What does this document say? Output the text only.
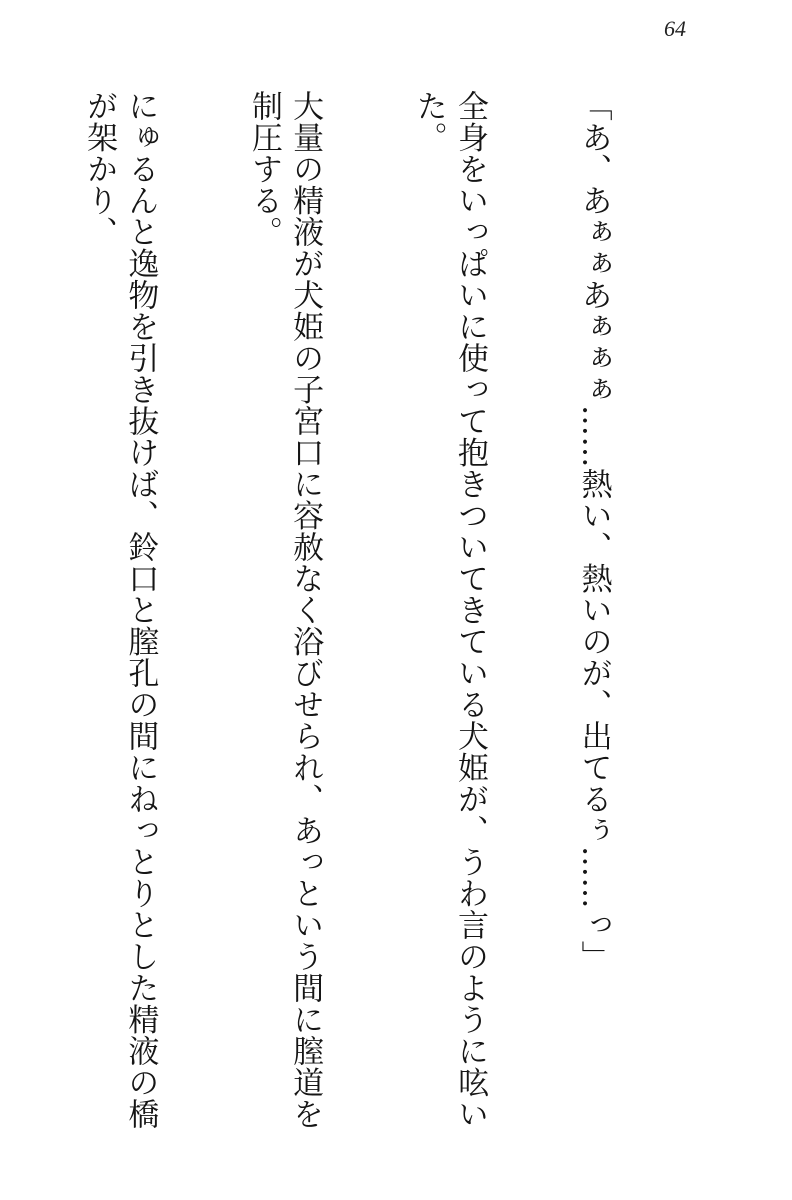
64

「あ、あぁぁあぁぁぁ……熱い、熱いのが、出てるぅ……っ」

全身をいっぱいに使って抱きついてきている犬姫が、うわ言のように呟いた。

大量の精液が犬姫の子宮口に容赦なく浴びせられ、あっという間に膣道を制圧する。

にゅるんと逸物を引き抜けば、鈴口と膣孔の間にねっとりとした精液の橋が架かり、
